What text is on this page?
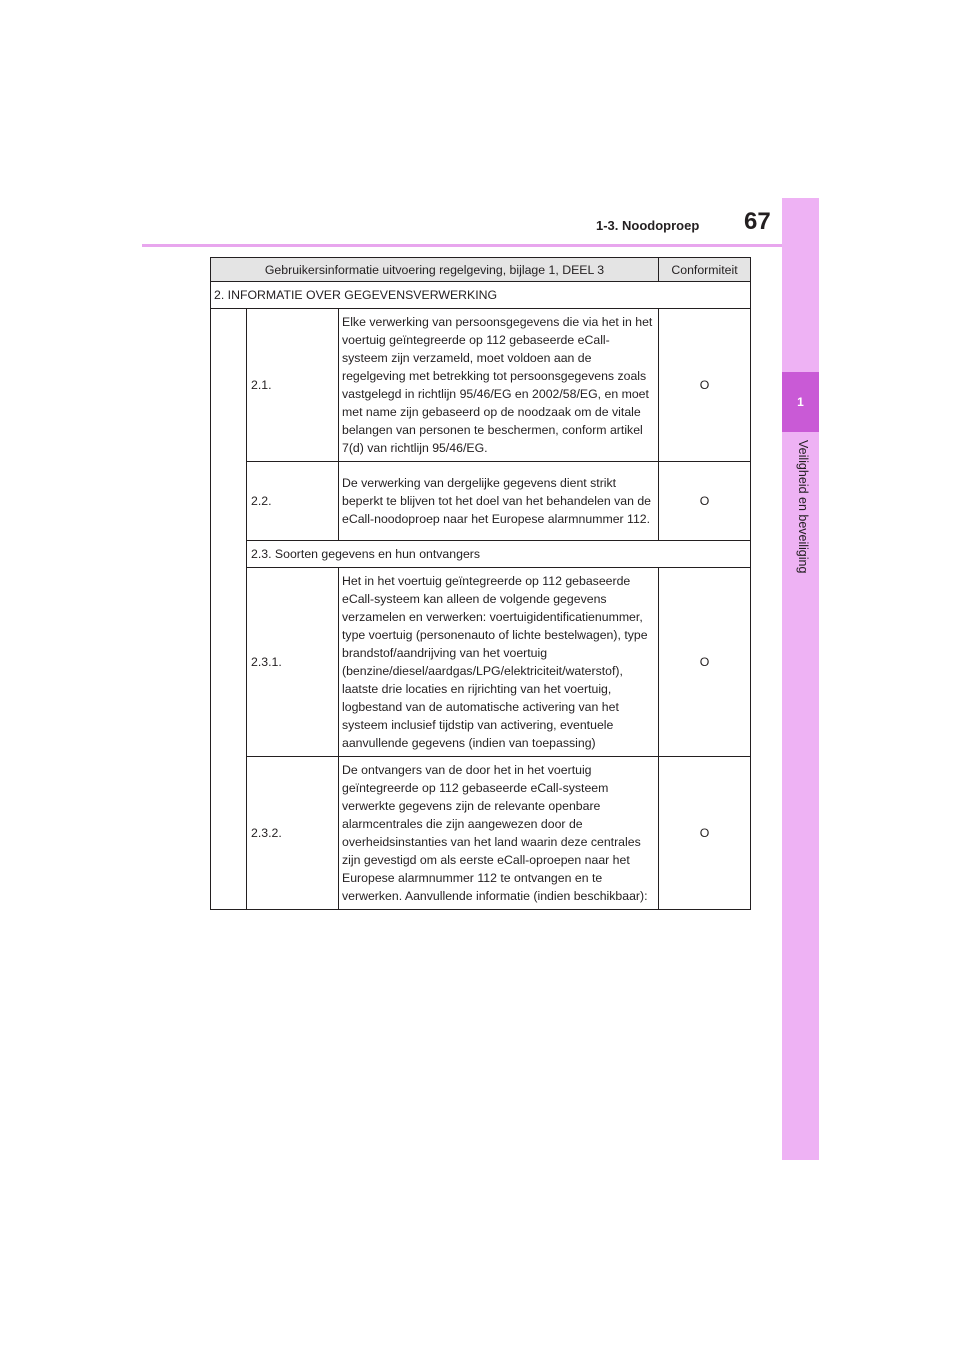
1-3. Noodoproep 67
1
Veiligheid en beveiliging
Gebruikersinformatie uitvoering regelgeving, bijlage 1, DEEL 3			Conformiteit
2. INFORMATIE OVER GEGEVENSVERWERKING			
	2.1.	Elke verwerking van persoonsgegevens die via het in het voertuig geïntegreerde op 112 gebaseerde eCall-systeem zijn verzameld, moet voldoen aan de regelgeving met betrekking tot persoonsgegevens zoals vastgelegd in richtlijn 95/46/EG en 2002/58/EG, en moet met name zijn gebaseerd op de noodzaak om de vitale belangen van personen te beschermen, conform artikel 7(d) van richtlijn 95/46/EG.	O
	2.2.	De verwerking van dergelijke gegevens dient strikt beperkt te blijven tot het doel van het behandelen van de eCall-noodoproep naar het Europese alarmnummer 112.	O
	2.3. Soorten gegevens en hun ontvangers		
	2.3.1.	Het in het voertuig geïntegreerde op 112 gebaseerde eCall-systeem kan alleen de volgende gegevens verzamelen en verwerken: voertuigidentificatienummer, type voertuig (personenauto of lichte bestelwagen), type brandstof/aandrijving van het voertuig (benzine/diesel/aardgas/LPG/elektriciteit/waterstof), laatste drie locaties en rijrichting van het voertuig, logbestand van de automatische activering van het systeem inclusief tijdstip van activering, eventuele aanvullende gegevens (indien van toepassing)	O
	2.3.2.	De ontvangers van de door het in het voertuig geïntegreerde op 112 gebaseerde eCall-systeem verwerkte gegevens zijn de relevante openbare alarmcentrales die zijn aangewezen door de overheidsinstanties van het land waarin deze centrales zijn gevestigd om als eerste eCall-oproepen naar het Europese alarmnummer 112 te ontvangen en te verwerken. Aanvullende informatie (indien beschikbaar):	O
